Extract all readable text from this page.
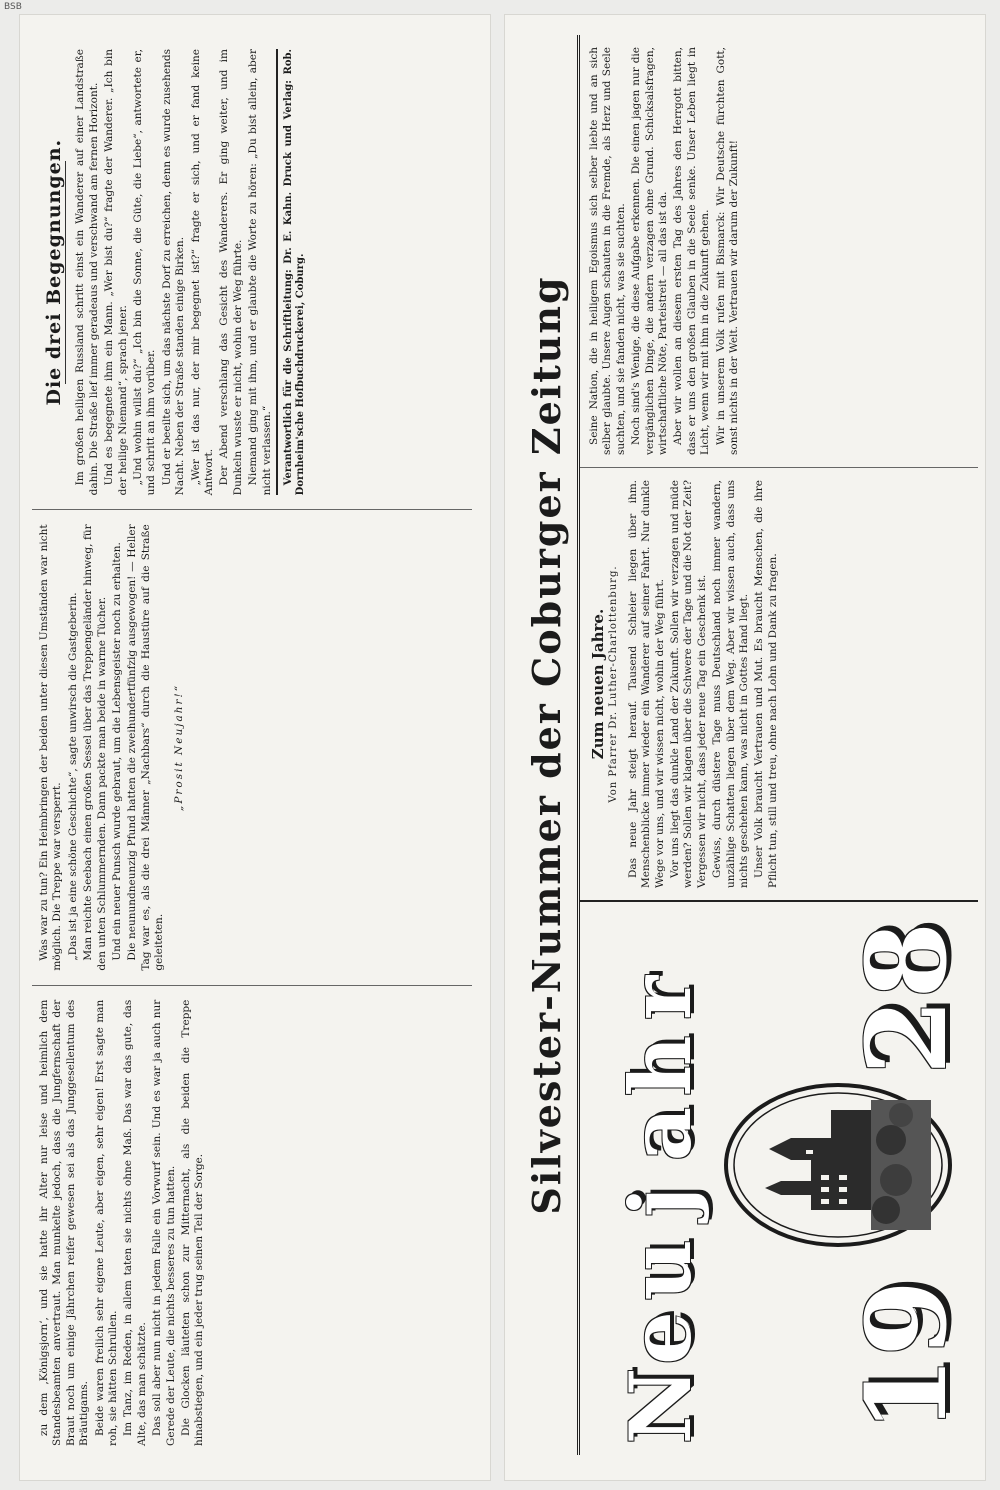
BSB

zu dem ‚Königsjorn‘, und sie hatte ihr Alter nur leise und heimlich dem Standesbeamten anvertraut. Man munkelte jedoch, dass die Jungfernschaft der Braut noch um einige Jährchen reifer gewesen sei als das Junggesellentum des Bräutigams. Beide waren freilich sehr eigene Leute, aber eigen, sehr eigen! Erst sagte man roh, sie hätten Schrullen. Im Tanz, im Reden, in allem taten sie nichts ohne Maß. Das war das gute, das Alte, das man schätzte. Das soll aber nun nicht in jedem Falle ein Vorwurf sein. Und es war ja auch nur Gerede der Leute, die nichts besseres zu tun hatten. Die Glocken läuteten schon zur Mitternacht, als die beiden die Treppe hinabstiegen, und ein jeder trug seinen Teil der Sorge.

Was war zu tun? Ein Heimbringen der beiden unter diesen Umständen war nicht möglich. Die Treppe war versperrt. „Das ist ja eine schöne Geschichte“, sagte unwirsch die Gastgeberin. Man reichte Seebach einen großen Sessel über das Treppengeländer hinweg, für den unten Schlummernden. Dann packte man beide in warme Tücher. Und ein neuer Punsch wurde gebraut, um die Lebensgeister noch zu erhalten. Die neunundneunzig Pfund hatten die zweihundertfünfzig ausgewogen! — Heller Tag war es, als die drei Männer „Nachbars“ durch die Haustüre auf die Straße geleiteten.

„Prosit Neujahr!“
Die drei Begegnungen. Im großen heiligen Russland schritt einst ein Wanderer auf einer Landstraße dahin. Die Straße lief immer geradeaus und verschwand am fernen Horizont. Und es begegnete ihm ein Mann. „Wer bist du?“ fragte der Wanderer. „Ich bin der heilige Niemand“, sprach jener. „Und wohin willst du?“ „Ich bin die Sonne, die Güte, die Liebe“, antwortete er, und schritt an ihm vorüber. Und er beeilte sich, um das nächste Dorf zu erreichen, denn es wurde zusehends Nacht. Neben der Straße standen einige Birken. „Wer ist das nur, der mir begegnet ist?“ fragte er sich, und er fand keine Antwort. Der Abend verschlang das Gesicht des Wanderers. Er ging weiter, und im Dunkeln wusste er nicht, wohin der Weg führte. Niemand ging mit ihm, und er glaubte die Worte zu hören: „Du bist allein, aber nicht verlassen.“	Verantwortlich für die Schriftleitung: Dr. E. Kahn. Druck und Verlag: Rob. Dornheim'sche Hofbuchdruckerei, Coburg.	Silvester-Nummer der Coburger Zeitung
N
e
u
j
a
h
r
19
28
Zum neuen Jahre. Von Pfarrer Dr. Luther-Charlottenburg. Das neue Jahr steigt herauf. Tausend Schleier liegen über ihm. Menschenblicke immer wieder ein Wanderer auf seiner Fahrt. Nur dunkle Wege vor uns, und wir wissen nicht, wohin der Weg führt. Vor uns liegt das dunkle Land der Zukunft. Sollen wir verzagen und müde werden? Sollen wir klagen über die Schwere der Tage und die Not der Zeit? Vergessen wir nicht, dass jeder neue Tag ein Geschenk ist. Gewiss, durch düstere Tage muss Deutschland noch immer wandern, unzählige Schatten liegen über dem Weg. Aber wir wissen auch, dass uns nichts geschehen kann, was nicht in Gottes Hand liegt. Unser Volk braucht Vertrauen und Mut. Es braucht Menschen, die ihre Pflicht tun, still und treu, ohne nach Lohn und Dank zu fragen.

Seine Nation, die in heiligem Egoismus sich selber liebte und an sich selber glaubte. Unsere Augen schauten in die Fremde, als Herz und Seele suchten, und sie fanden nicht, was sie suchten. Noch sind's Wenige, die diese Aufgabe erkennen. Die einen jagen nur die vergänglichen Dinge, die andern verzagen ohne Grund. Schicksalsfragen, wirtschaftliche Nöte, Parteistreit — all das ist da. Aber wir wollen an diesem ersten Tag des Jahres den Herrgott bitten, dass er uns den großen Glauben in die Seele senke. Unser Leben liegt in Licht, wenn wir mit ihm in die Zukunft gehen. Wir in unserem Volk rufen mit Bismarck: Wir Deutsche fürchten Gott, sonst nichts in der Welt. Vertrauen wir darum der Zukunft!
